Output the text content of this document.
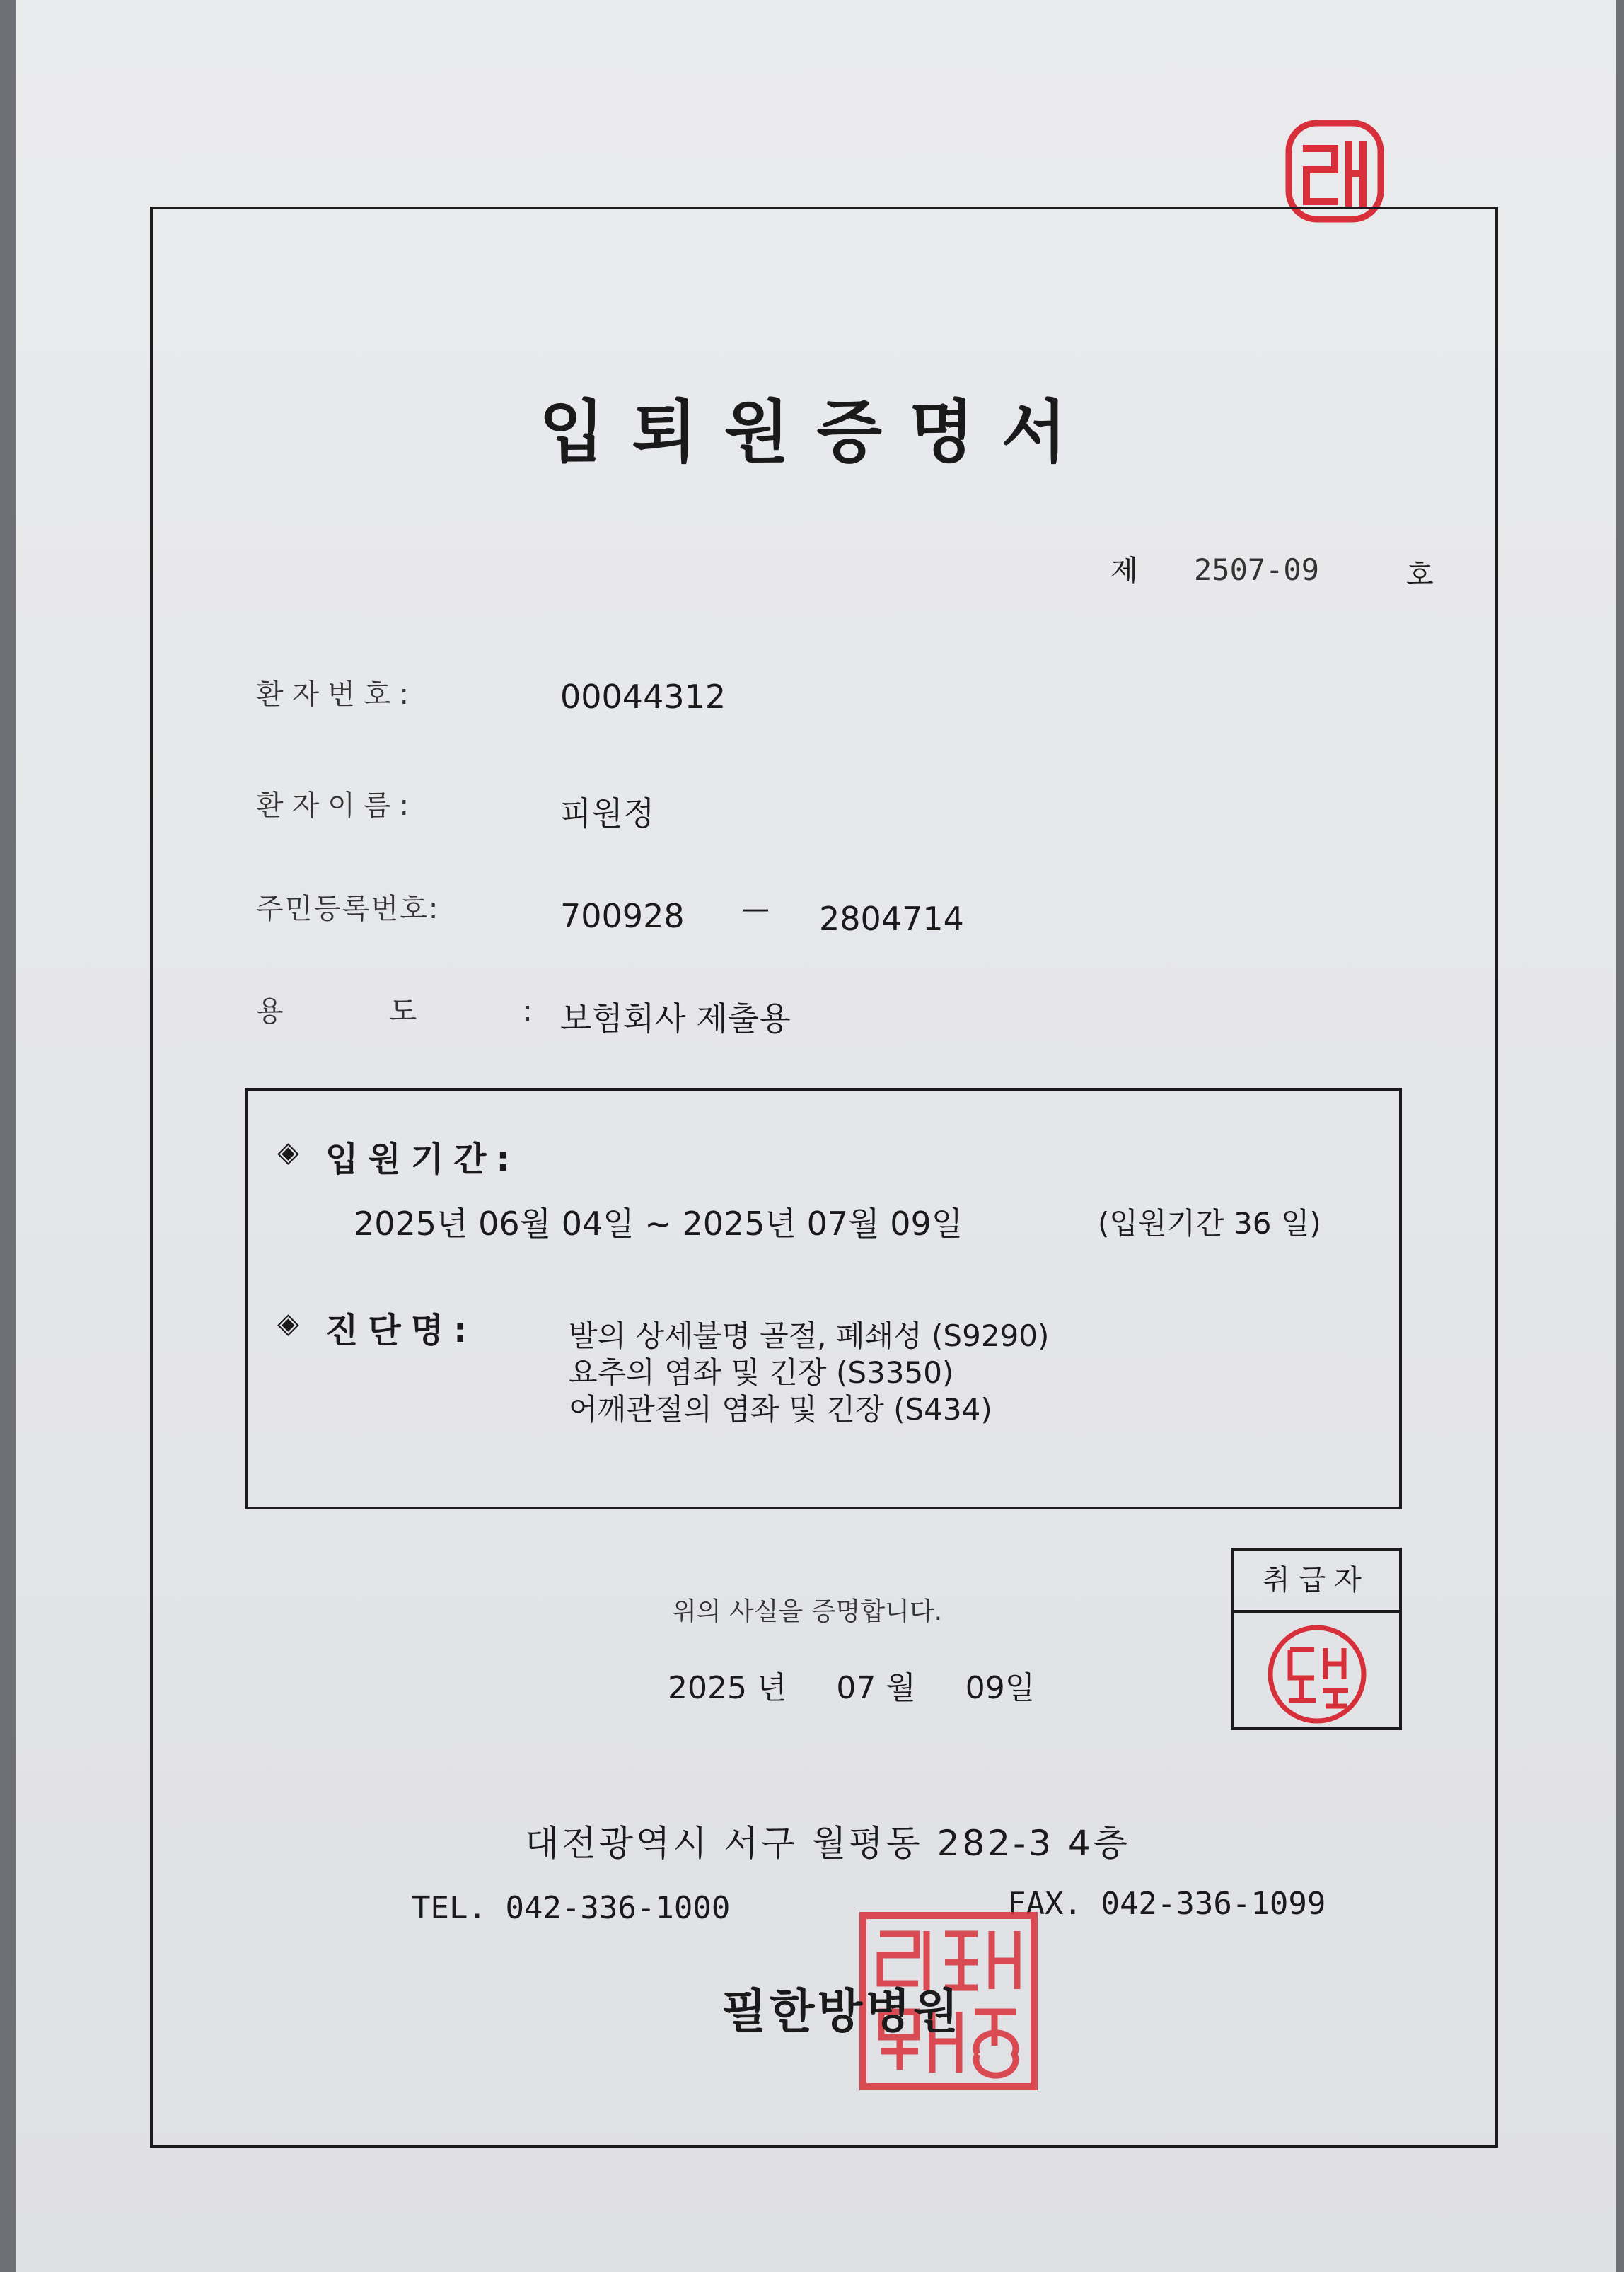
입퇴원증명서
제 2507-09	호
환자번호:	00044312
환자이름:	피원정
주민등록번호:	700928 — 2804714
용도:
보험회사 제출용
◈ 입원기간:
2025년 06월 04일 ~ 2025년 07월 09일	(입원기간 36 일)
◈ 진단명:	발의 상세불명 골절, 폐쇄성 (S9290)
요추의 염좌 및 긴장 (S3350)
어깨관절의 염좌 및 긴장 (S434)
위의 사실을 증명합니다.
2025 년     07 월     09일
취급자
대전광역시 서구 월평동 282-3 4층
TEL. 042-336-1000	FAX. 042-336-1099
필한방병원
